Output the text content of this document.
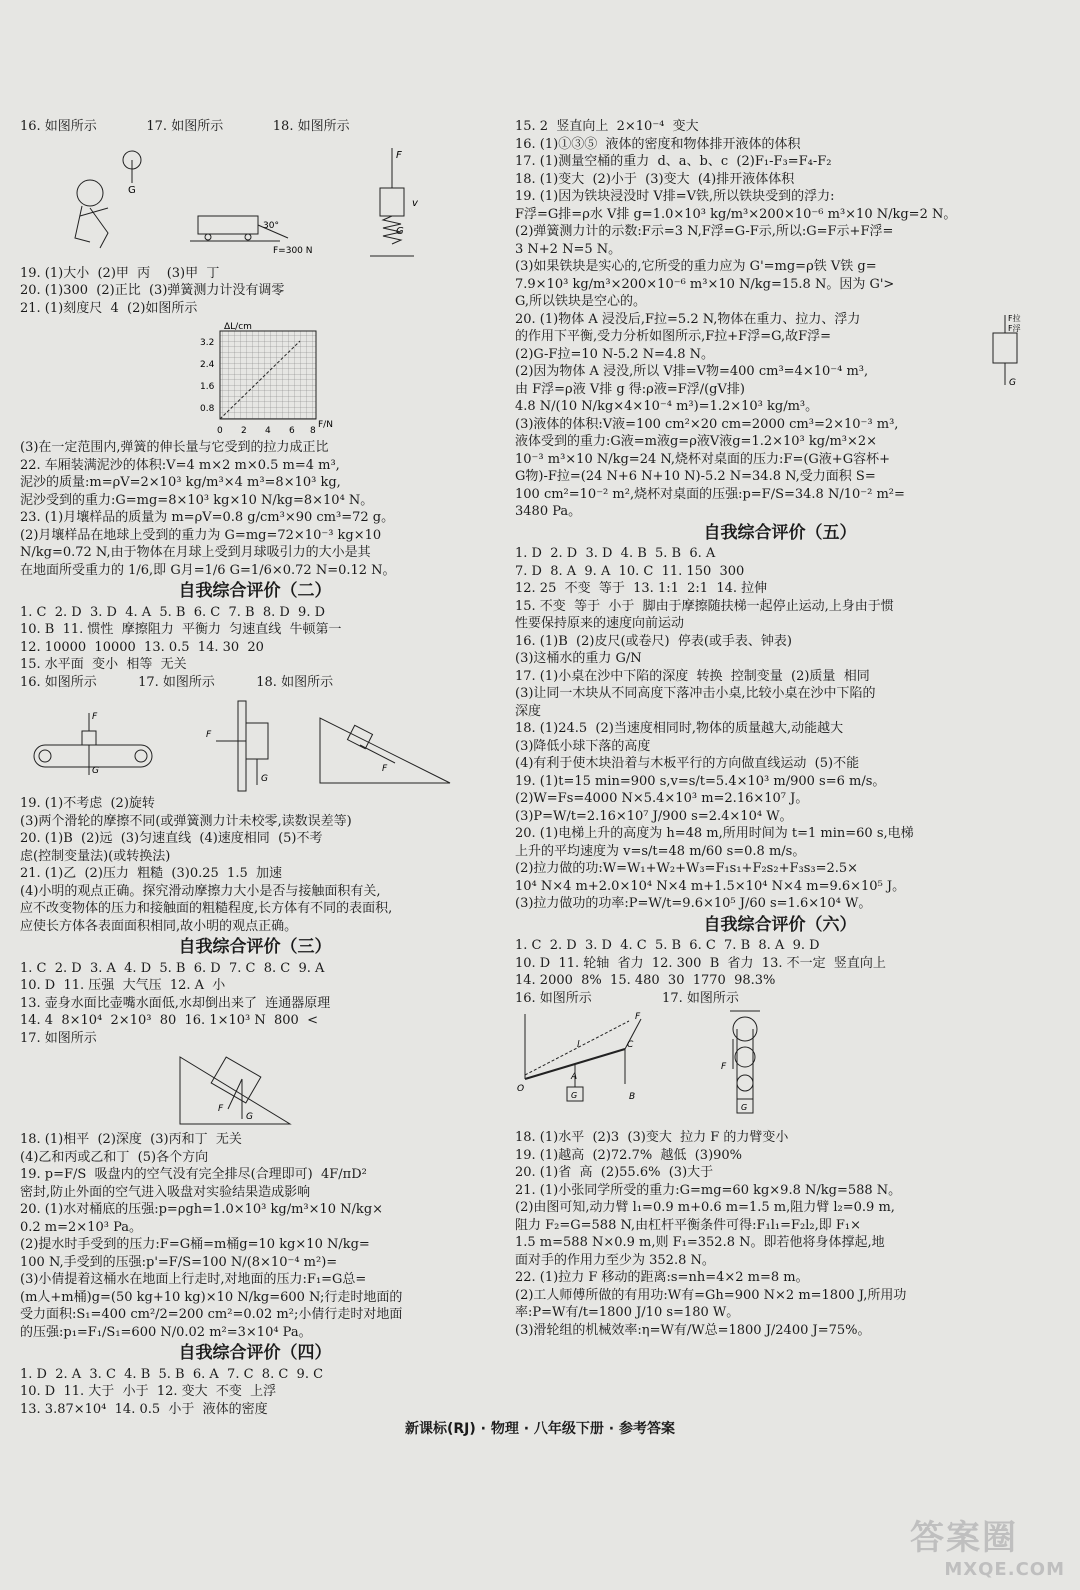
16. 如图所示            17. 如图所示            18. 如图所示
G
30°
F=300 N
F
v
G
19. (1)大小  (2)甲  丙    (3)甲  丁
20. (1)300  (2)正比  (3)弹簧测力计没有调零
21. (1)刻度尺  4  (2)如图所示
ΔL/cm
F/N
3.2
2.4
1.6
0.8
0 2 4 6 8
(3)在一定范围内,弹簧的伸长量与它受到的拉力成正比
22. 车厢装满泥沙的体积:V=4 m×2 m×0.5 m=4 m³,
泥沙的质量:m=ρV=2×10³ kg/m³×4 m³=8×10³ kg,
泥沙受到的重力:G=mg=8×10³ kg×10 N/kg=8×10⁴ N。
23. (1)月壤样品的质量为 m=ρV=0.8 g/cm³×90 cm³=72 g。
(2)月壤样品在地球上受到的重力为 G=mg=72×10⁻³ kg×10
N/kg=0.72 N,由于物体在月球上受到月球吸引力的大小是其
在地面所受重力的 1/6,即 G月=1/6 G=1/6×0.72 N=0.12 N。
自我综合评价（二）
1. C  2. D  3. D  4. A  5. B  6. C  7. B  8. D  9. D
10. B  11. 惯性  摩擦阻力  平衡力  匀速直线  牛顿第一
12. 10000  10000  13. 0.5  14. 30  20
15. 水平面  变小  相等  无关
16. 如图所示          17. 如图所示          18. 如图所示
F
G
F
G
F
19. (1)不考虑  (2)旋转
(3)两个滑轮的摩擦不同(或弹簧测力计未校零,读数误差等)
20. (1)B  (2)远  (3)匀速直线  (4)速度相同  (5)不考
虑(控制变量法)(或转换法)
21. (1)乙  (2)压力  粗糙  (3)0.25  1.5  加速
(4)小明的观点正确。探究滑动摩擦力大小是否与接触面积有关,
应不改变物体的压力和接触面的粗糙程度,长方体有不同的表面积,
应使长方体各表面面积相同,故小明的观点正确。
自我综合评价（三）
1. C  2. D  3. A  4. D  5. B  6. D  7. C  8. C  9. A
10. D  11. 压强  大气压  12. A  小
13. 壶身水面比壶嘴水面低,水却倒出来了  连通器原理
14. 4  8×10⁴  2×10³  80  16. 1×10³ N  800  <
17. 如图所示
F
G
18. (1)相平  (2)深度  (3)丙和丁  无关
(4)乙和丙或乙和丁  (5)各个方向
19. p=F/S  吸盘内的空气没有完全排尽(合理即可)  4F/πD²
密封,防止外面的空气进入吸盘对实验结果造成影响
20. (1)水对桶底的压强:p=ρgh=1.0×10³ kg/m³×10 N/kg×
0.2 m=2×10³ Pa。
(2)提水时手受到的压力:F=G桶=m桶g=10 kg×10 N/kg=
100 N,手受到的压强:p'=F/S=100 N/(8×10⁻⁴ m²)=
(3)小倩提着这桶水在地面上行走时,对地面的压力:F₁=G总=
(m人+m桶)g=(50 kg+10 kg)×10 N/kg=600 N;行走时地面的
受力面积:S₁=400 cm²/2=200 cm²=0.02 m²;小倩行走时对地面
的压强:p₁=F₁/S₁=600 N/0.02 m²=3×10⁴ Pa。
自我综合评价（四）
1. D  2. A  3. C  4. B  5. B  6. A  7. C  8. C  9. C
10. D  11. 大于  小于  12. 变大  不变  上浮
13. 3.87×10⁴  14. 0.5  小于  液体的密度
15. 2  竖直向上  2×10⁻⁴  变大
16. (1)①③⑤  液体的密度和物体排开液体的体积
17. (1)测量空桶的重力  d、a、b、c  (2)F₁-F₃=F₄-F₂
18. (1)变大  (2)小于  (3)变大  (4)排开液体体积
19. (1)因为铁块浸没时 V排=V铁,所以铁块受到的浮力:
F浮=G排=ρ水 V排 g=1.0×10³ kg/m³×200×10⁻⁶ m³×10 N/kg=2 N。
(2)弹簧测力计的示数:F示=3 N,F浮=G-F示,所以:G=F示+F浮=
3 N+2 N=5 N。
(3)如果铁块是实心的,它所受的重力应为 G'=mg=ρ铁 V铁 g=
7.9×10³ kg/m³×200×10⁻⁶ m³×10 N/kg=15.8 N。因为 G'>
G,所以铁块是空心的。
F拉
F浮
G
20. (1)物体 A 浸没后,F拉=5.2 N,物体在重力、拉力、浮力
的作用下平衡,受力分析如图所示,F拉+F浮=G,故F浮=
(2)G-F拉=10 N-5.2 N=4.8 N。
(2)因为物体 A 浸没,所以 V排=V物=400 cm³=4×10⁻⁴ m³,
由 F浮=ρ液 V排 g 得:ρ液=F浮/(gV排)
4.8 N/(10 N/kg×4×10⁻⁴ m³)=1.2×10³ kg/m³。
(3)液体的体积:V液=100 cm²×20 cm=2000 cm³=2×10⁻³ m³,
液体受到的重力:G液=m液g=ρ液V液g=1.2×10³ kg/m³×2×
10⁻³ m³×10 N/kg=24 N,烧杯对桌面的压力:F=(G液+G容杯+
G物)-F拉=(24 N+6 N+10 N)-5.2 N=34.8 N,受力面积 S=
100 cm²=10⁻² m²,烧杯对桌面的压强:p=F/S=34.8 N/10⁻² m²=
3480 Pa。
自我综合评价（五）
1. D  2. D  3. D  4. B  5. B  6. A
7. D  8. A  9. A  10. C  11. 150  300
12. 25  不变  等于  13. 1:1  2:1  14. 拉伸
15. 不变  等于  小于  脚由于摩擦随扶梯一起停止运动,上身由于惯
性要保持原来的速度向前运动
16. (1)B  (2)皮尺(或卷尺)  停表(或手表、钟表)
(3)这桶水的重力 G/N
17. (1)小桌在沙中下陷的深度  转换  控制变量  (2)质量  相同
(3)让同一木块从不同高度下落冲击小桌,比较小桌在沙中下陷的
深度
18. (1)24.5  (2)当速度相同时,物体的质量越大,动能越大
(3)降低小球下落的高度
(4)有利于使木块沿着与木板平行的方向做直线运动  (5)不能
19. (1)t=15 min=900 s,v=s/t=5.4×10³ m/900 s=6 m/s。
(2)W=Fs=4000 N×5.4×10³ m=2.16×10⁷ J。
(3)P=W/t=2.16×10⁷ J/900 s=2.4×10⁴ W。
20. (1)电梯上升的高度为 h=48 m,所用时间为 t=1 min=60 s,电梯
上升的平均速度为 v=s/t=48 m/60 s=0.8 m/s。
(2)拉力做的功:W=W₁+W₂+W₃=F₁s₁+F₂s₂+F₃s₃=2.5×
10⁴ N×4 m+2.0×10⁴ N×4 m+1.5×10⁴ N×4 m=9.6×10⁵ J。
(3)拉力做功的功率:P=W/t=9.6×10⁵ J/60 s=1.6×10⁴ W。
自我综合评价（六）
1. C  2. D  3. D  4. C  5. B  6. C  7. B  8. A  9. D
10. D  11. 轮轴  省力  12. 300  B  省力  13. 不一定  竖直向上
14. 2000  8%  15. 480  30  1770  98.3%
16. 如图所示                 17. 如图所示
F
l	C
O
A
G	B
F
G
18. (1)水平  (2)3  (3)变大  拉力 F 的力臂变小
19. (1)越高  (2)72.7%  越低  (3)90%
20. (1)省  高  (2)55.6%  (3)大于
21. (1)小张同学所受的重力:G=mg=60 kg×9.8 N/kg=588 N。
(2)由图可知,动力臂 l₁=0.9 m+0.6 m=1.5 m,阻力臂 l₂=0.9 m,
阻力 F₂=G=588 N,由杠杆平衡条件可得:F₁l₁=F₂l₂,即 F₁×
1.5 m=588 N×0.9 m,则 F₁=352.8 N。即若他将身体撑起,地
面对手的作用力至少为 352.8 N。
22. (1)拉力 F 移动的距离:s=nh=4×2 m=8 m。
(2)工人师傅所做的有用功:W有=Gh=900 N×2 m=1800 J,所用功
率:P=W有/t=1800 J/10 s=180 W。
(3)滑轮组的机械效率:η=W有/W总=1800 J/2400 J=75%。
新课标(RJ) · 物理 · 八年级下册 · 参考答案
答案圈
MXQE.COM
